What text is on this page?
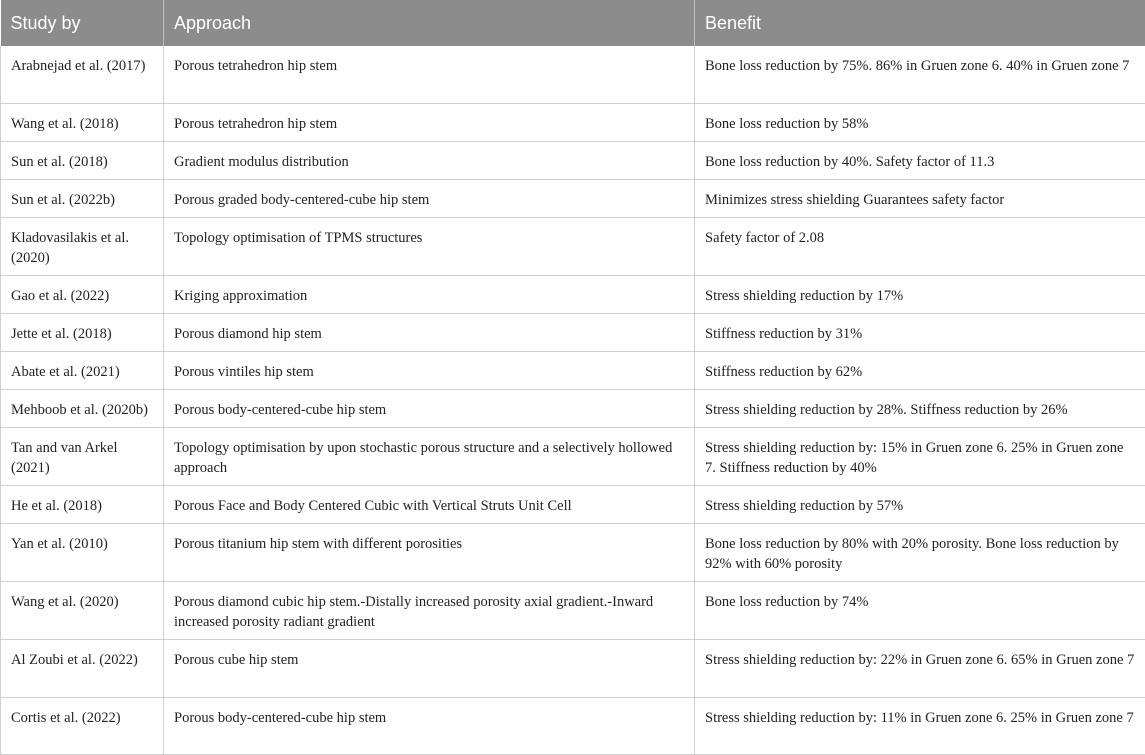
Study by	Approach	Benefit
Arabnejad et al. (2017)	Porous tetrahedron hip stem	Bone loss reduction by 75%. 86% in Gruen zone 6. 40% in Gruen zone 7
Wang et al. (2018)	Porous tetrahedron hip stem	Bone loss reduction by 58%
Sun et al. (2018)	Gradient modulus distribution	Bone loss reduction by 40%. Safety factor of 11.3
Sun et al. (2022b)	Porous graded body-centered-cube hip stem	Minimizes stress shielding Guarantees safety factor
Kladovasilakis et al. (2020)	Topology optimisation of TPMS structures	Safety factor of 2.08
Gao et al. (2022)	Kriging approximation	Stress shielding reduction by 17%
Jette et al. (2018)	Porous diamond hip stem	Stiffness reduction by 31%
Abate et al. (2021)	Porous vintiles hip stem	Stiffness reduction by 62%
Mehboob et al. (2020b)	Porous body-centered-cube hip stem	Stress shielding reduction by 28%. Stiffness reduction by 26%
Tan and van Arkel (2021)	Topology optimisation by upon stochastic porous structure and a selectively hollowed approach	Stress shielding reduction by: 15% in Gruen zone 6. 25% in Gruen zone 7. Stiffness reduction by 40%
He et al. (2018)	Porous Face and Body Centered Cubic with Vertical Struts Unit Cell	Stress shielding reduction by 57%
Yan et al. (2010)	Porous titanium hip stem with different porosities	Bone loss reduction by 80% with 20% porosity. Bone loss reduction by 92% with 60% porosity
Wang et al. (2020)	Porous diamond cubic hip stem.-Distally increased porosity axial gradient.-Inward increased porosity radiant gradient	Bone loss reduction by 74%
Al Zoubi et al. (2022)	Porous cube hip stem	Stress shielding reduction by: 22% in Gruen zone 6. 65% in Gruen zone 7
Cortis et al. (2022)	Porous body-centered-cube hip stem	Stress shielding reduction by: 11% in Gruen zone 6. 25% in Gruen zone 7
